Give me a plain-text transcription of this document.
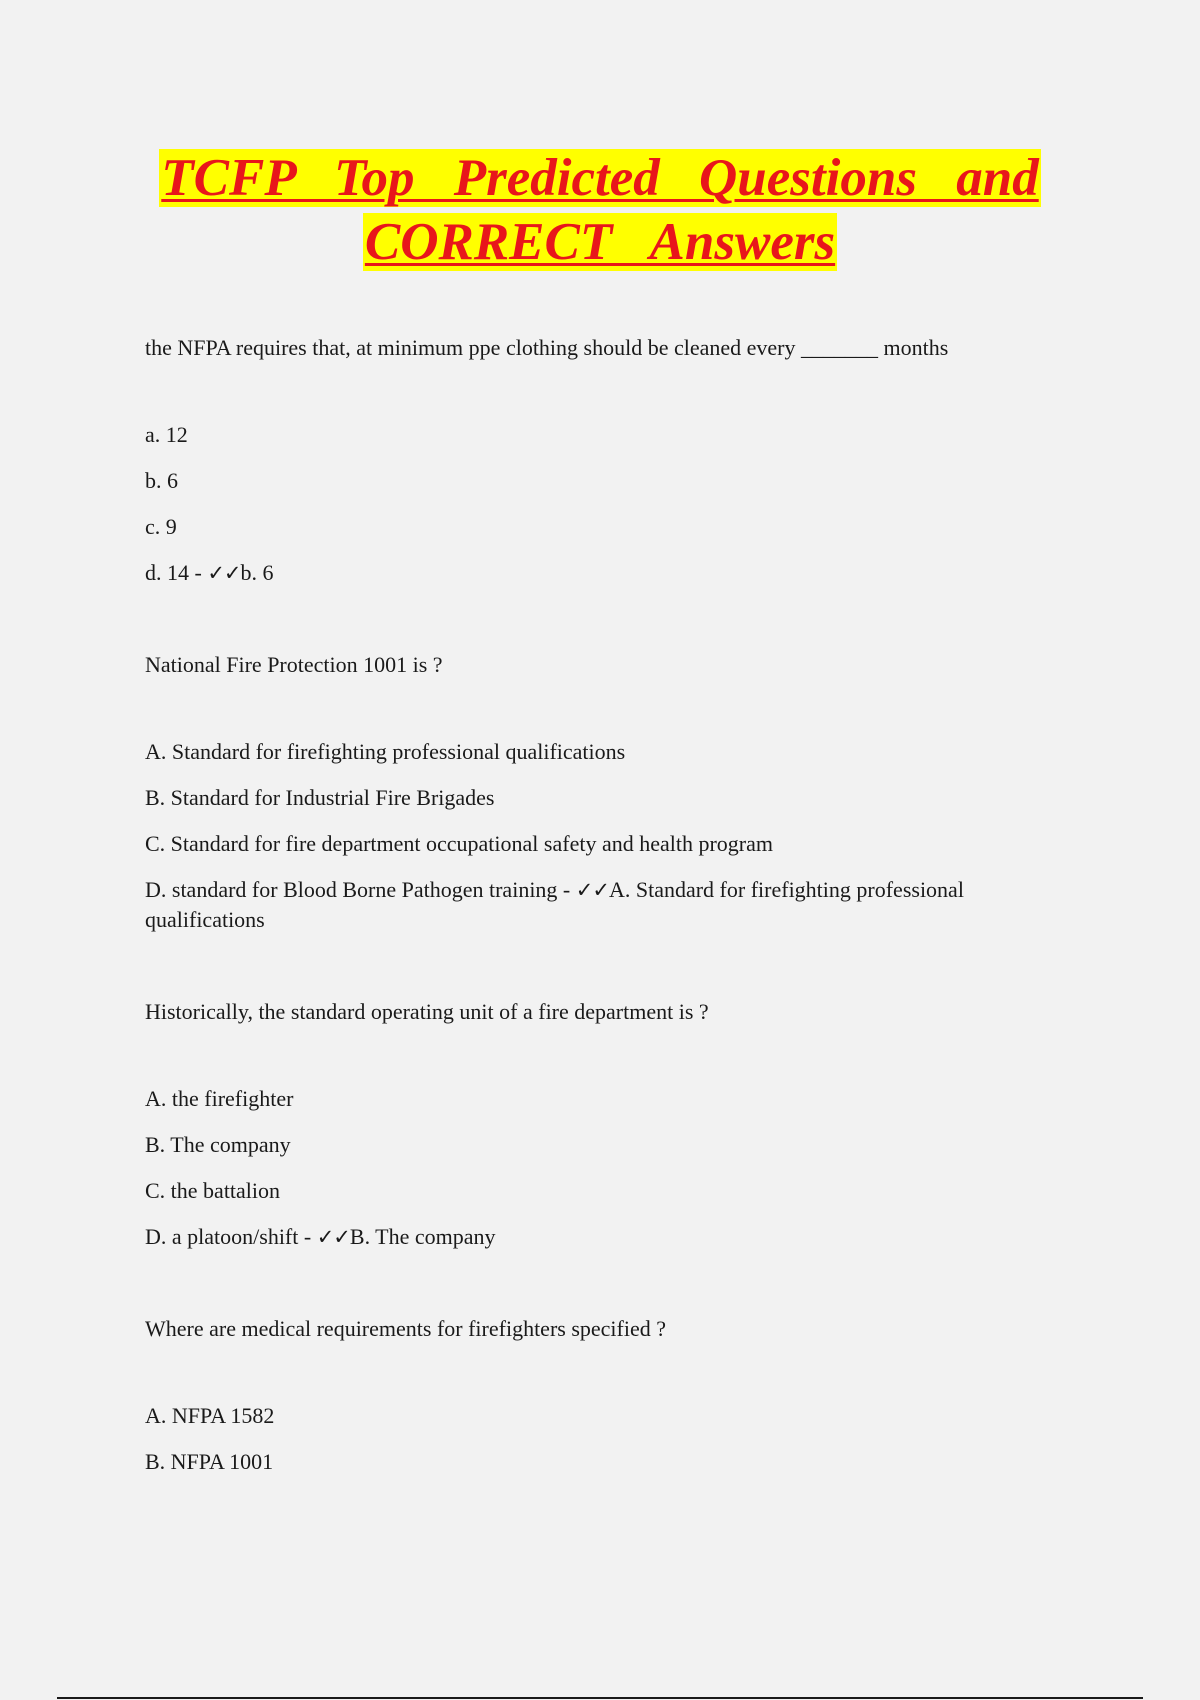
TCFP Top Predicted Questions and
CORRECT Answers
the NFPA requires that, at minimum ppe clothing should be cleaned every _______ months
a. 12
b. 6
c. 9
d. 14 - ✓✓b. 6
National Fire Protection 1001 is ?
A. Standard for firefighting professional qualifications
B. Standard for Industrial Fire Brigades
C. Standard for fire department occupational safety and health program
D. standard for Blood Borne Pathogen training - ✓✓A. Standard for firefighting professional qualifications
Historically, the standard operating unit of a fire department is ?
A. the firefighter
B. The company
C. the battalion
D. a platoon/shift - ✓✓B. The company
Where are medical requirements for firefighters specified ?
A. NFPA 1582
B. NFPA 1001
